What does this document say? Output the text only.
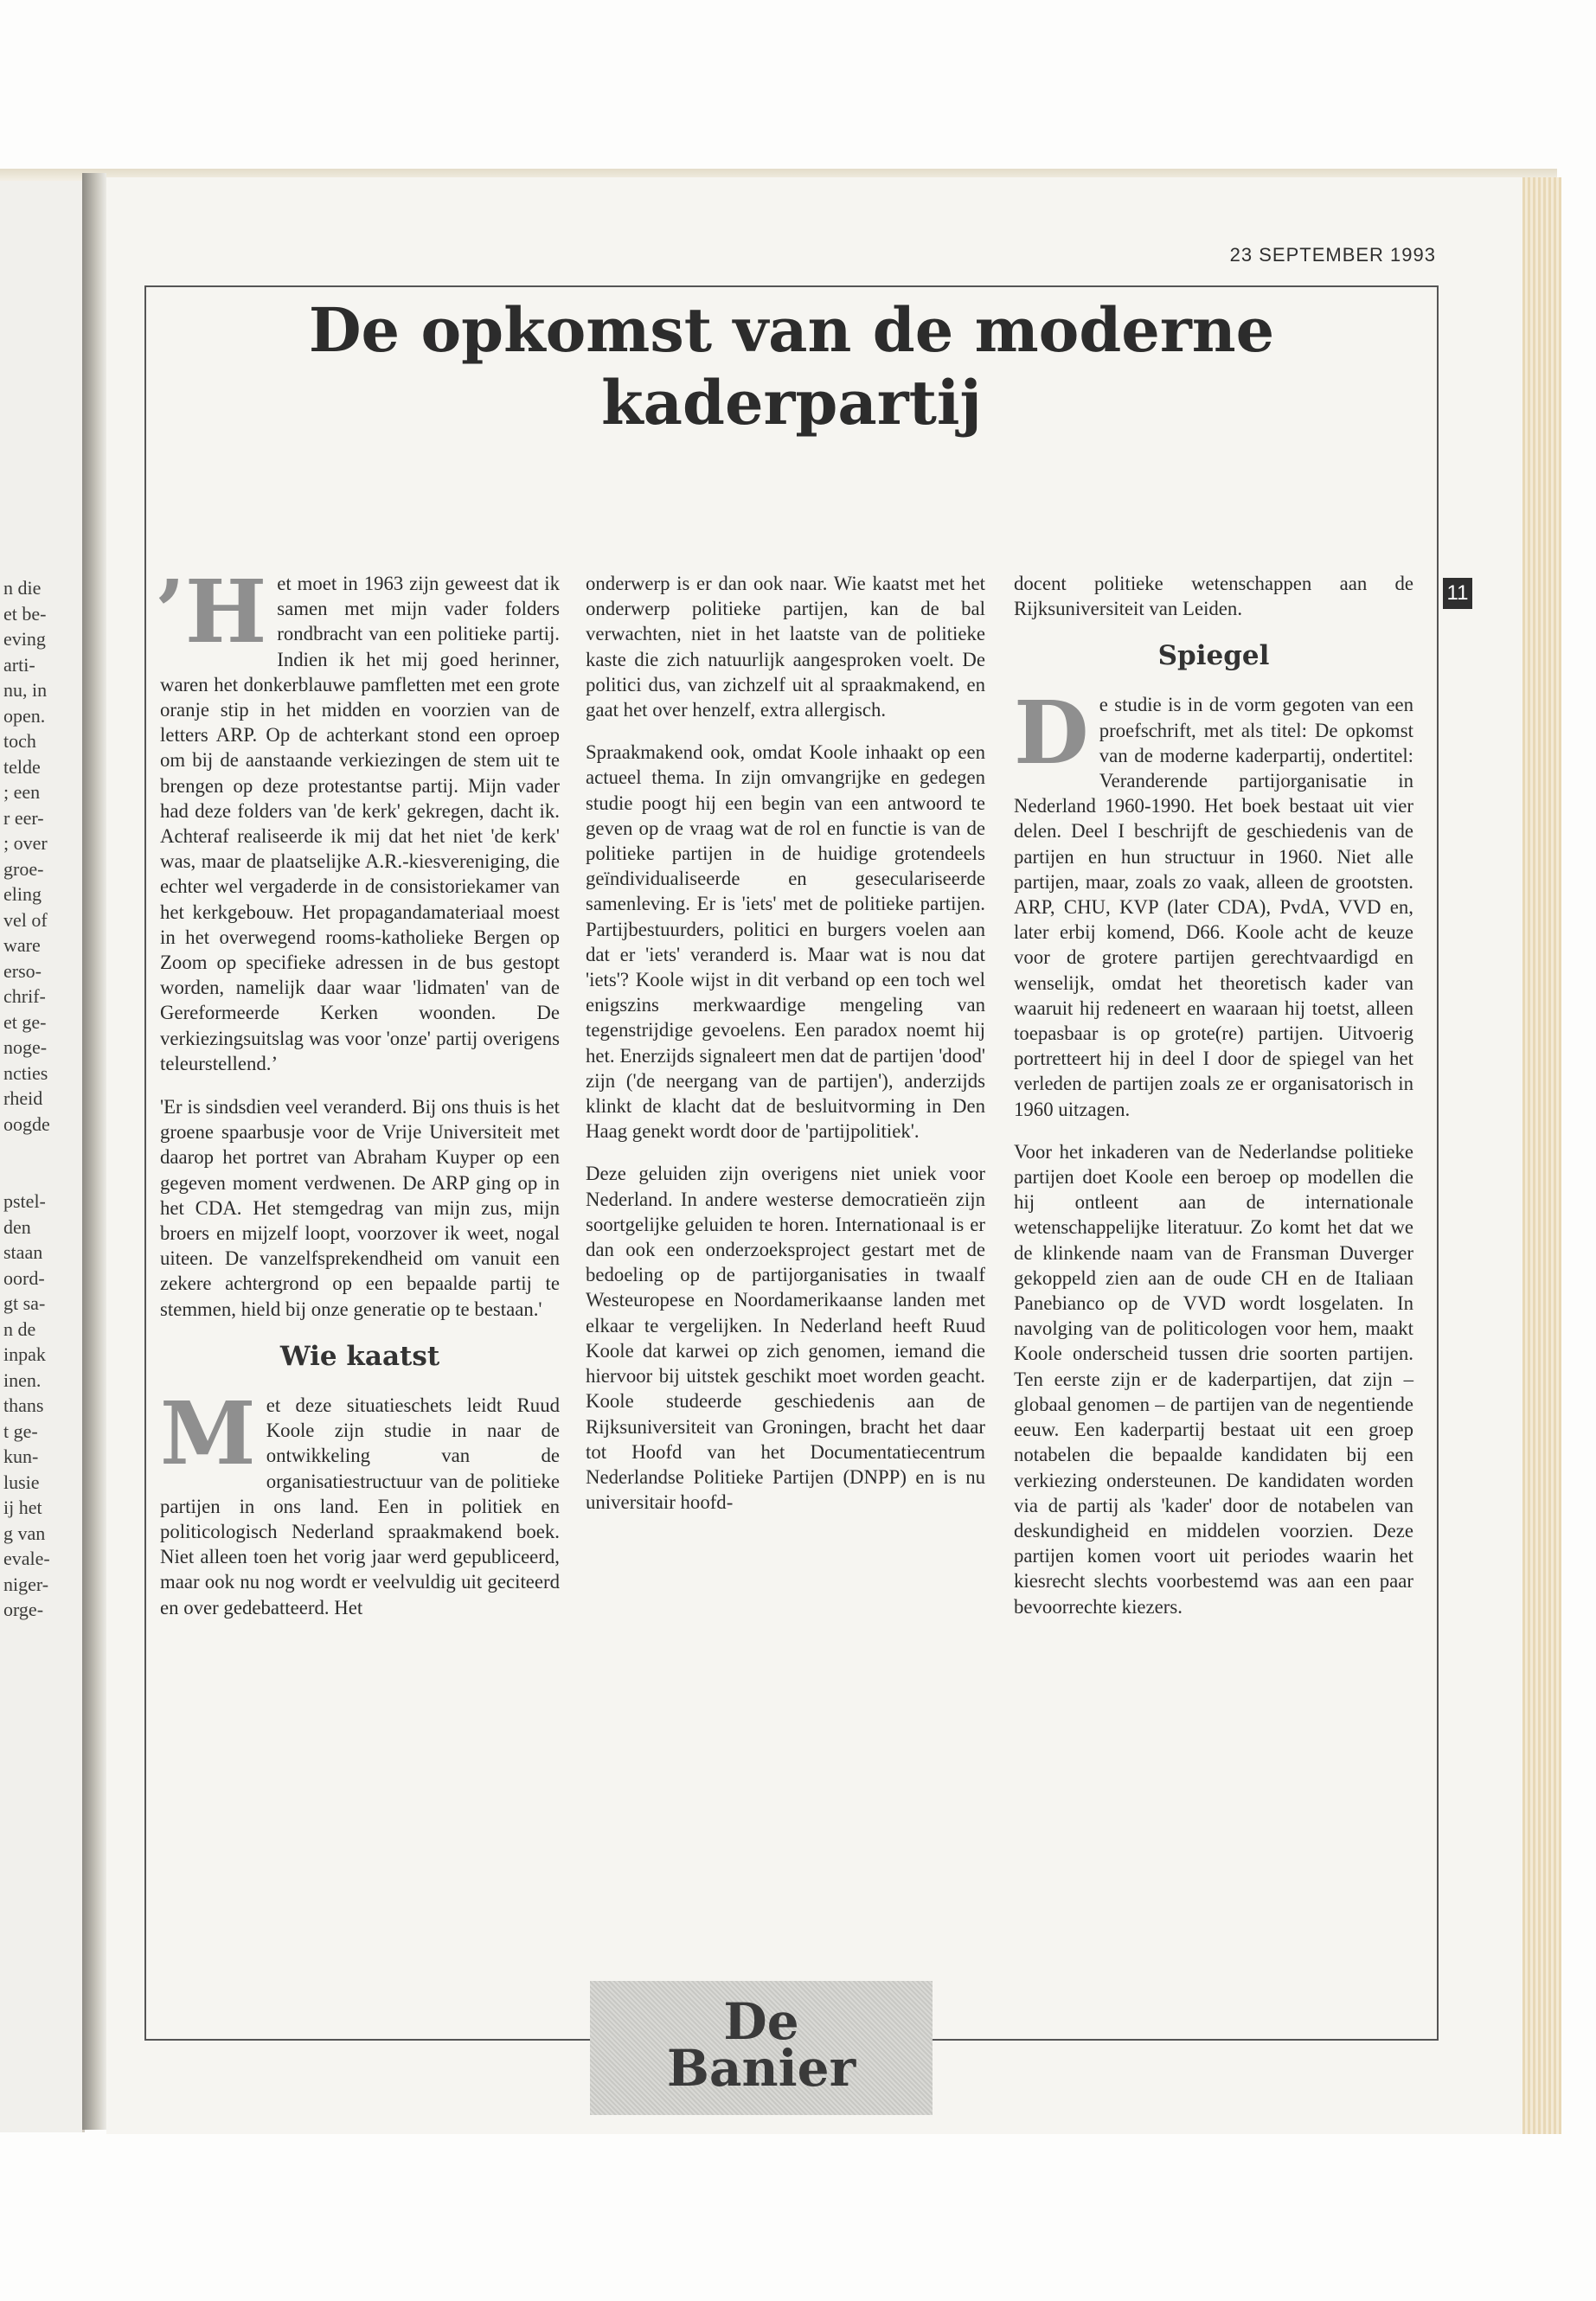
n die
et be-
eving
arti-
nu, in
open.
toch
telde
; een
r eer-
; over
groe-
eling
vel of
ware
erso-
chrif-
et ge-
noge-
ncties
rheid
oogde
pstel-
den
staan
oord-
gt sa-
n de
inpak
inen.
thans
t ge-
kun-
lusie
ij het
g van
evale-
niger-
orge-
23 SEPTEMBER 1993
De opkomst van de moderne
kaderpartij
11

’H et moet in 1963 zijn geweest dat ik samen met mijn vader folders rondbracht van een politieke partij. Indien ik het mij goed herinner, waren het donkerblauwe pamfletten met een grote oranje stip in het midden en voorzien van de letters ARP. Op de achterkant stond een oproep om bij de aanstaande verkiezingen de stem uit te brengen op deze protestantse partij. Mijn vader had deze folders van 'de kerk' gekregen, dacht ik. Achteraf realiseerde ik mij dat het niet 'de kerk' was, maar de plaatselijke A.R.-kiesvereniging, die echter wel vergaderde in de consistoriekamer van het kerkgebouw. Het propagandamateriaal moest in het overwegend rooms-katholieke Bergen op Zoom op specifieke adressen in de bus gestopt worden, namelijk daar waar 'lidmaten' van de Gereformeerde Kerken woonden. De verkiezingsuitslag was voor 'onze' partij overigens teleurstellend.’

'Er is sindsdien veel veranderd. Bij ons thuis is het groene spaarbusje voor de Vrije Universiteit met daarop het portret van Abraham Kuyper op een gegeven moment verdwenen. De ARP ging op in het CDA. Het stemgedrag van mijn zus, mijn broers en mijzelf loopt, voorzover ik weet, nogal uiteen. De vanzelfsprekendheid om vanuit een zekere achtergrond op een bepaalde partij te stemmen, hield bij onze generatie op te bestaan.'

Wie kaatst

Met deze situatieschets leidt Ruud Koole zijn studie in naar de ontwikkeling van de organisatiestructuur van de politieke partijen in ons land. Een in politiek en politicologisch Nederland spraakmakend boek. Niet alleen toen het vorig jaar werd gepubliceerd, maar ook nu nog wordt er veelvuldig uit geciteerd en over gedebatteerd. Het

onderwerp is er dan ook naar. Wie kaatst met het onderwerp politieke partijen, kan de bal verwachten, niet in het laatste van de politieke kaste die zich natuurlijk aangesproken voelt. De politici dus, van zichzelf uit al spraakmakend, en gaat het over henzelf, extra allergisch.

Spraakmakend ook, omdat Koole inhaakt op een actueel thema. In zijn omvangrijke en gedegen studie poogt hij een begin van een antwoord te geven op de vraag wat de rol en functie is van de politieke partijen in de huidige grotendeels geïndividualiseerde en geseculariseerde samenleving. Er is 'iets' met de politieke partijen. Partijbestuurders, politici en burgers voelen aan dat er 'iets' veranderd is. Maar wat is nou dat 'iets'? Koole wijst in dit verband op een toch wel enigszins merkwaardige mengeling van tegenstrijdige gevoelens. Een paradox noemt hij het. Enerzijds signaleert men dat de partijen 'dood' zijn ('de neergang van de partijen'), anderzijds klinkt de klacht dat de besluitvorming in Den Haag genekt wordt door de 'partijpolitiek'.

Deze geluiden zijn overigens niet uniek voor Nederland. In andere westerse democratieën zijn soortgelijke geluiden te horen. Internationaal is er dan ook een onderzoeksproject gestart met de bedoeling op de partijorganisaties in twaalf Westeuropese en Noordamerikaanse landen met elkaar te vergelijken. In Nederland heeft Ruud Koole dat karwei op zich genomen, iemand die hiervoor bij uitstek geschikt moet worden geacht. Koole studeerde geschiedenis aan de Rijksuniversiteit van Groningen, bracht het daar tot Hoofd van het Documentatiecentrum Nederlandse Politieke Partijen (DNPP) en is nu universitair hoofd-

docent politieke wetenschappen aan de Rijksuniversiteit van Leiden.

Spiegel

De studie is in de vorm gegoten van een proefschrift, met als titel: De opkomst van de moderne kaderpartij, ondertitel: Veranderende partijorganisatie in Nederland 1960-1990. Het boek bestaat uit vier delen. Deel I beschrijft de geschiedenis van de partijen en hun structuur in 1960. Niet alle partijen, maar, zoals zo vaak, alleen de grootsten. ARP, CHU, KVP (later CDA), PvdA, VVD en, later erbij komend, D66. Koole acht de keuze voor de grotere partijen gerechtvaardigd en wenselijk, omdat het theoretisch kader van waaruit hij redeneert en waaraan hij toetst, alleen toepasbaar is op grote(re) partijen. Uitvoerig portretteert hij in deel I door de spiegel van het verleden de partijen zoals ze er organisatorisch in 1960 uitzagen.

Voor het inkaderen van de Nederlandse politieke partijen doet Koole een beroep op modellen die hij ontleent aan de internationale wetenschappelijke literatuur. Zo komt het dat we de klinkende naam van de Fransman Duverger gekoppeld zien aan de oude CH en de Italiaan Panebianco op de VVD wordt losgelaten. In navolging van de politicologen voor hem, maakt Koole onderscheid tussen drie soorten partijen. Ten eerste zijn er de kaderpartijen, dat zijn – globaal genomen – de partijen van de negentiende eeuw. Een kaderpartij bestaat uit een groep notabelen die bepaalde kandidaten bij een verkiezing ondersteunen. De kandidaten worden via de partij als 'kader' door de notabelen van deskundigheid en middelen voorzien. Deze partijen komen voort uit periodes waarin het kiesrecht slechts voorbestemd was aan een paar bevoorrechte kiezers.

De
Banier
